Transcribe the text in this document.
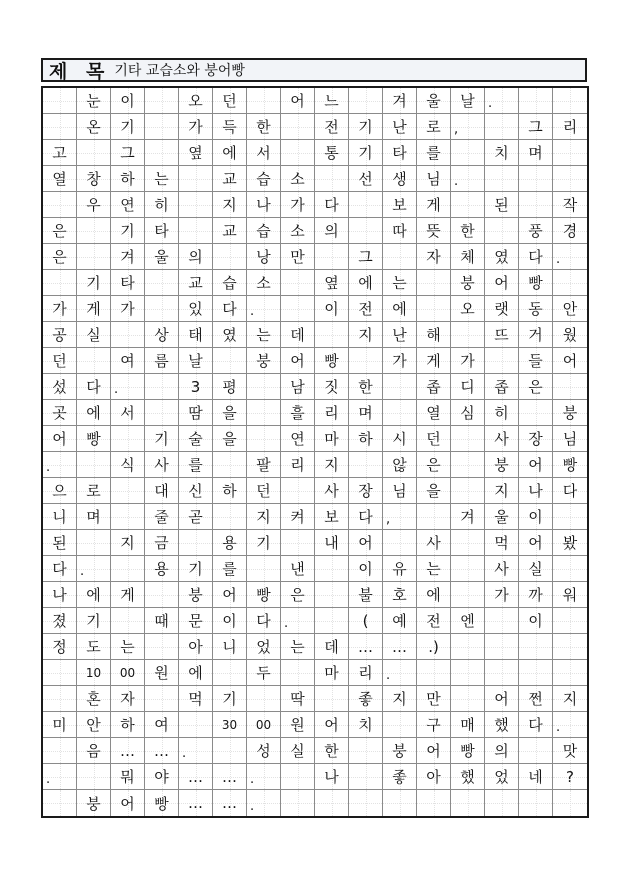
제 목 기타 교습소와 붕어빵
눈 이	오 던	어 느	겨 울 날 .
온 기	가 득 한	전 기 난 로 ,	그 리
고	그	옆 에 서	통 기 타 를	치 며
열 창 하 는	교 습 소	선 생 님 .
우 연 히	지 나 가 다	보 게	된	작
은	기 타	교 습 소 의	따 뜻 한	풍 경
은	겨 울 의	낭 만	그	자 체 였 다 .
기 타	교 습 소	옆 에 는	붕 어 빵
가 게 가	있 다 .	이 전 에	오 랫 동 안
공 실	상 태 였 는 데	지 난 해	뜨 거 웠
던	여 름 날	붕 어 빵	가 게 가	들 어
섰 다 .	3 평	남 짓 한	좁 디 좁 은
곳 에 서	땀 을	흘 리 며	열 심 히	붕
어 빵	기 술 을	연 마 하 시 던	사 장 님
.	식 사 를	팔 리 지	않 은	붕 어 빵
으 로	대 신 하 던	사 장 님 을	지 나 다
니 며	줄 곧	지 켜 보 다 ,	겨 울 이
된	지 금	용 기	내 어	사	먹 어 봤
다 .	용 기 를	낸	이 유 는	사 실
나 에 게	붕 어 빵 은	불 호 에	가 까 워
졌 기	때 문 이 다 .	( 예 전 엔	이
정 도 는	아 니 었 는 데 … … .)
10 00 원 에	두	마 리 .
혼 자	먹 기	딱	좋 지 만	어 쩐 지
미 안 하 여	30 00 원 어 치	구 매 했 다 .
음 … … .	성 실 한	붕 어 빵 의	맛
.	뭐 야 … … .	나	좋 아 했 었 네 ?
붕 어 빵 … … .
